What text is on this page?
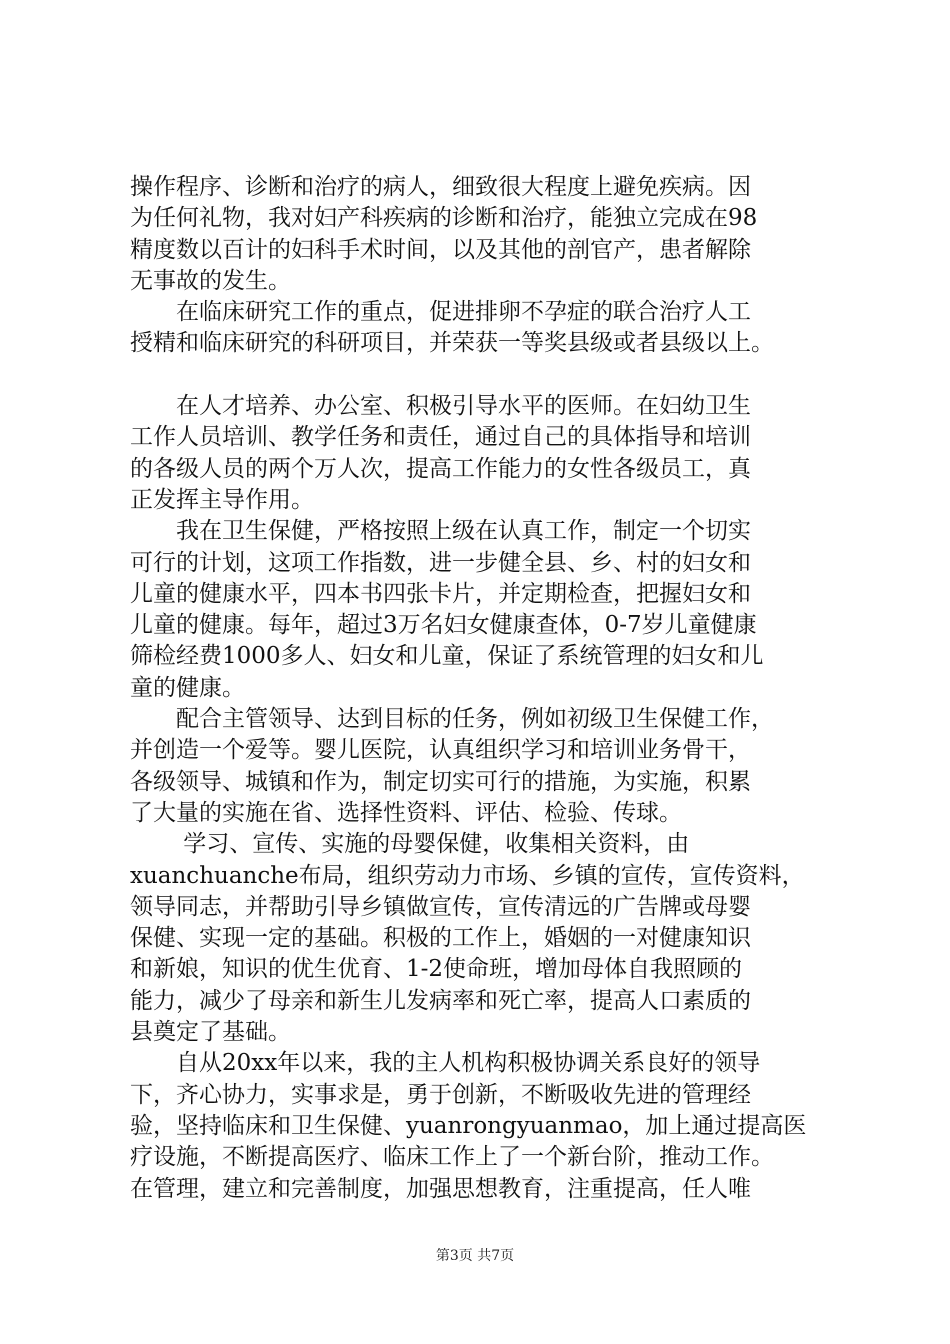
操作程序、诊断和治疗的病人，细致很大程度上避免疾病。因
为任何礼物，我对妇产科疾病的诊断和治疗，能独立完成在98
精度数以百计的妇科手术时间，以及其他的剖官产，患者解除
无事故的发生。
　　在临床研究工作的重点，促进排卵不孕症的联合治疗人工
授精和临床研究的科研项目，并荣获一等奖县级或者县级以上。
　　在人才培养、办公室、积极引导水平的医师。在妇幼卫生
工作人员培训、教学任务和责任，通过自己的具体指导和培训
的各级人员的两个万人次，提高工作能力的女性各级员工，真
正发挥主导作用。
　　我在卫生保健，严格按照上级在认真工作，制定一个切实
可行的计划，这项工作指数，进一步健全县、乡、村的妇女和
儿童的健康水平，四本书四张卡片，并定期检查，把握妇女和
儿童的健康。每年，超过3万名妇女健康查体，0-7岁儿童健康
筛检经费1000多人、妇女和儿童，保证了系统管理的妇女和儿
童的健康。
　　配合主管领导、达到目标的任务，例如初级卫生保健工作，
并创造一个爱等。婴儿医院，认真组织学习和培训业务骨干，
各级领导、城镇和作为，制定切实可行的措施，为实施，积累
了大量的实施在省、选择性资料、评估、检验、传球。
　　 学习、宣传、实施的母婴保健，收集相关资料，由
xuanchuanche布局，组织劳动力市场、乡镇的宣传，宣传资料，
领导同志，并帮助引导乡镇做宣传，宣传清远的广告牌或母婴
保健、实现一定的基础。积极的工作上，婚姻的一对健康知识
和新娘，知识的优生优育、1-2使命班，增加母体自我照顾的
能力，减少了母亲和新生儿发病率和死亡率，提高人口素质的
县奠定了基础。
　　自从20xx年以来，我的主人机构积极协调关系良好的领导
下，齐心协力，实事求是，勇于创新，不断吸收先进的管理经
验，坚持临床和卫生保健、yuanrongyuanmao，加上通过提高医
疗设施，不断提高医疗、临床工作上了一个新台阶，推动工作。
在管理，建立和完善制度，加强思想教育，注重提高，任人唯
第3页 共7页
